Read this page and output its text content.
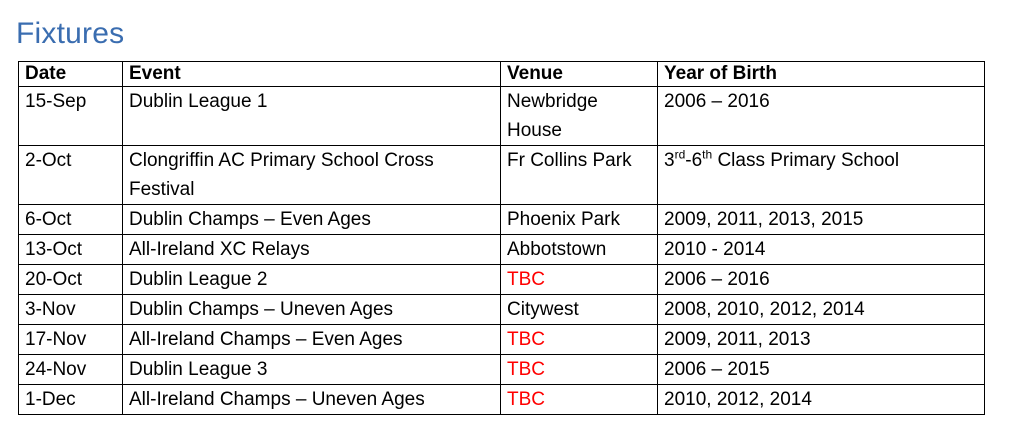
Fixtures
Date	Event	Venue	Year of Birth
15-Sep	Dublin League 1	Newbridge House	2006 – 2016
2-Oct	Clongriffin AC Primary School Cross Festival	Fr Collins Park	3rd-6th Class Primary School
6-Oct	Dublin Champs – Even Ages	Phoenix Park	2009, 2011, 2013, 2015
13-Oct	All-Ireland XC Relays	Abbotstown	2010 - 2014
20-Oct	Dublin League 2	TBC	2006 – 2016
3-Nov	Dublin Champs – Uneven Ages	Citywest	2008, 2010, 2012, 2014
17-Nov	All-Ireland Champs – Even Ages	TBC	2009, 2011, 2013
24-Nov	Dublin League 3	TBC	2006 – 2015
1-Dec	All-Ireland Champs – Uneven Ages	TBC	2010, 2012, 2014
